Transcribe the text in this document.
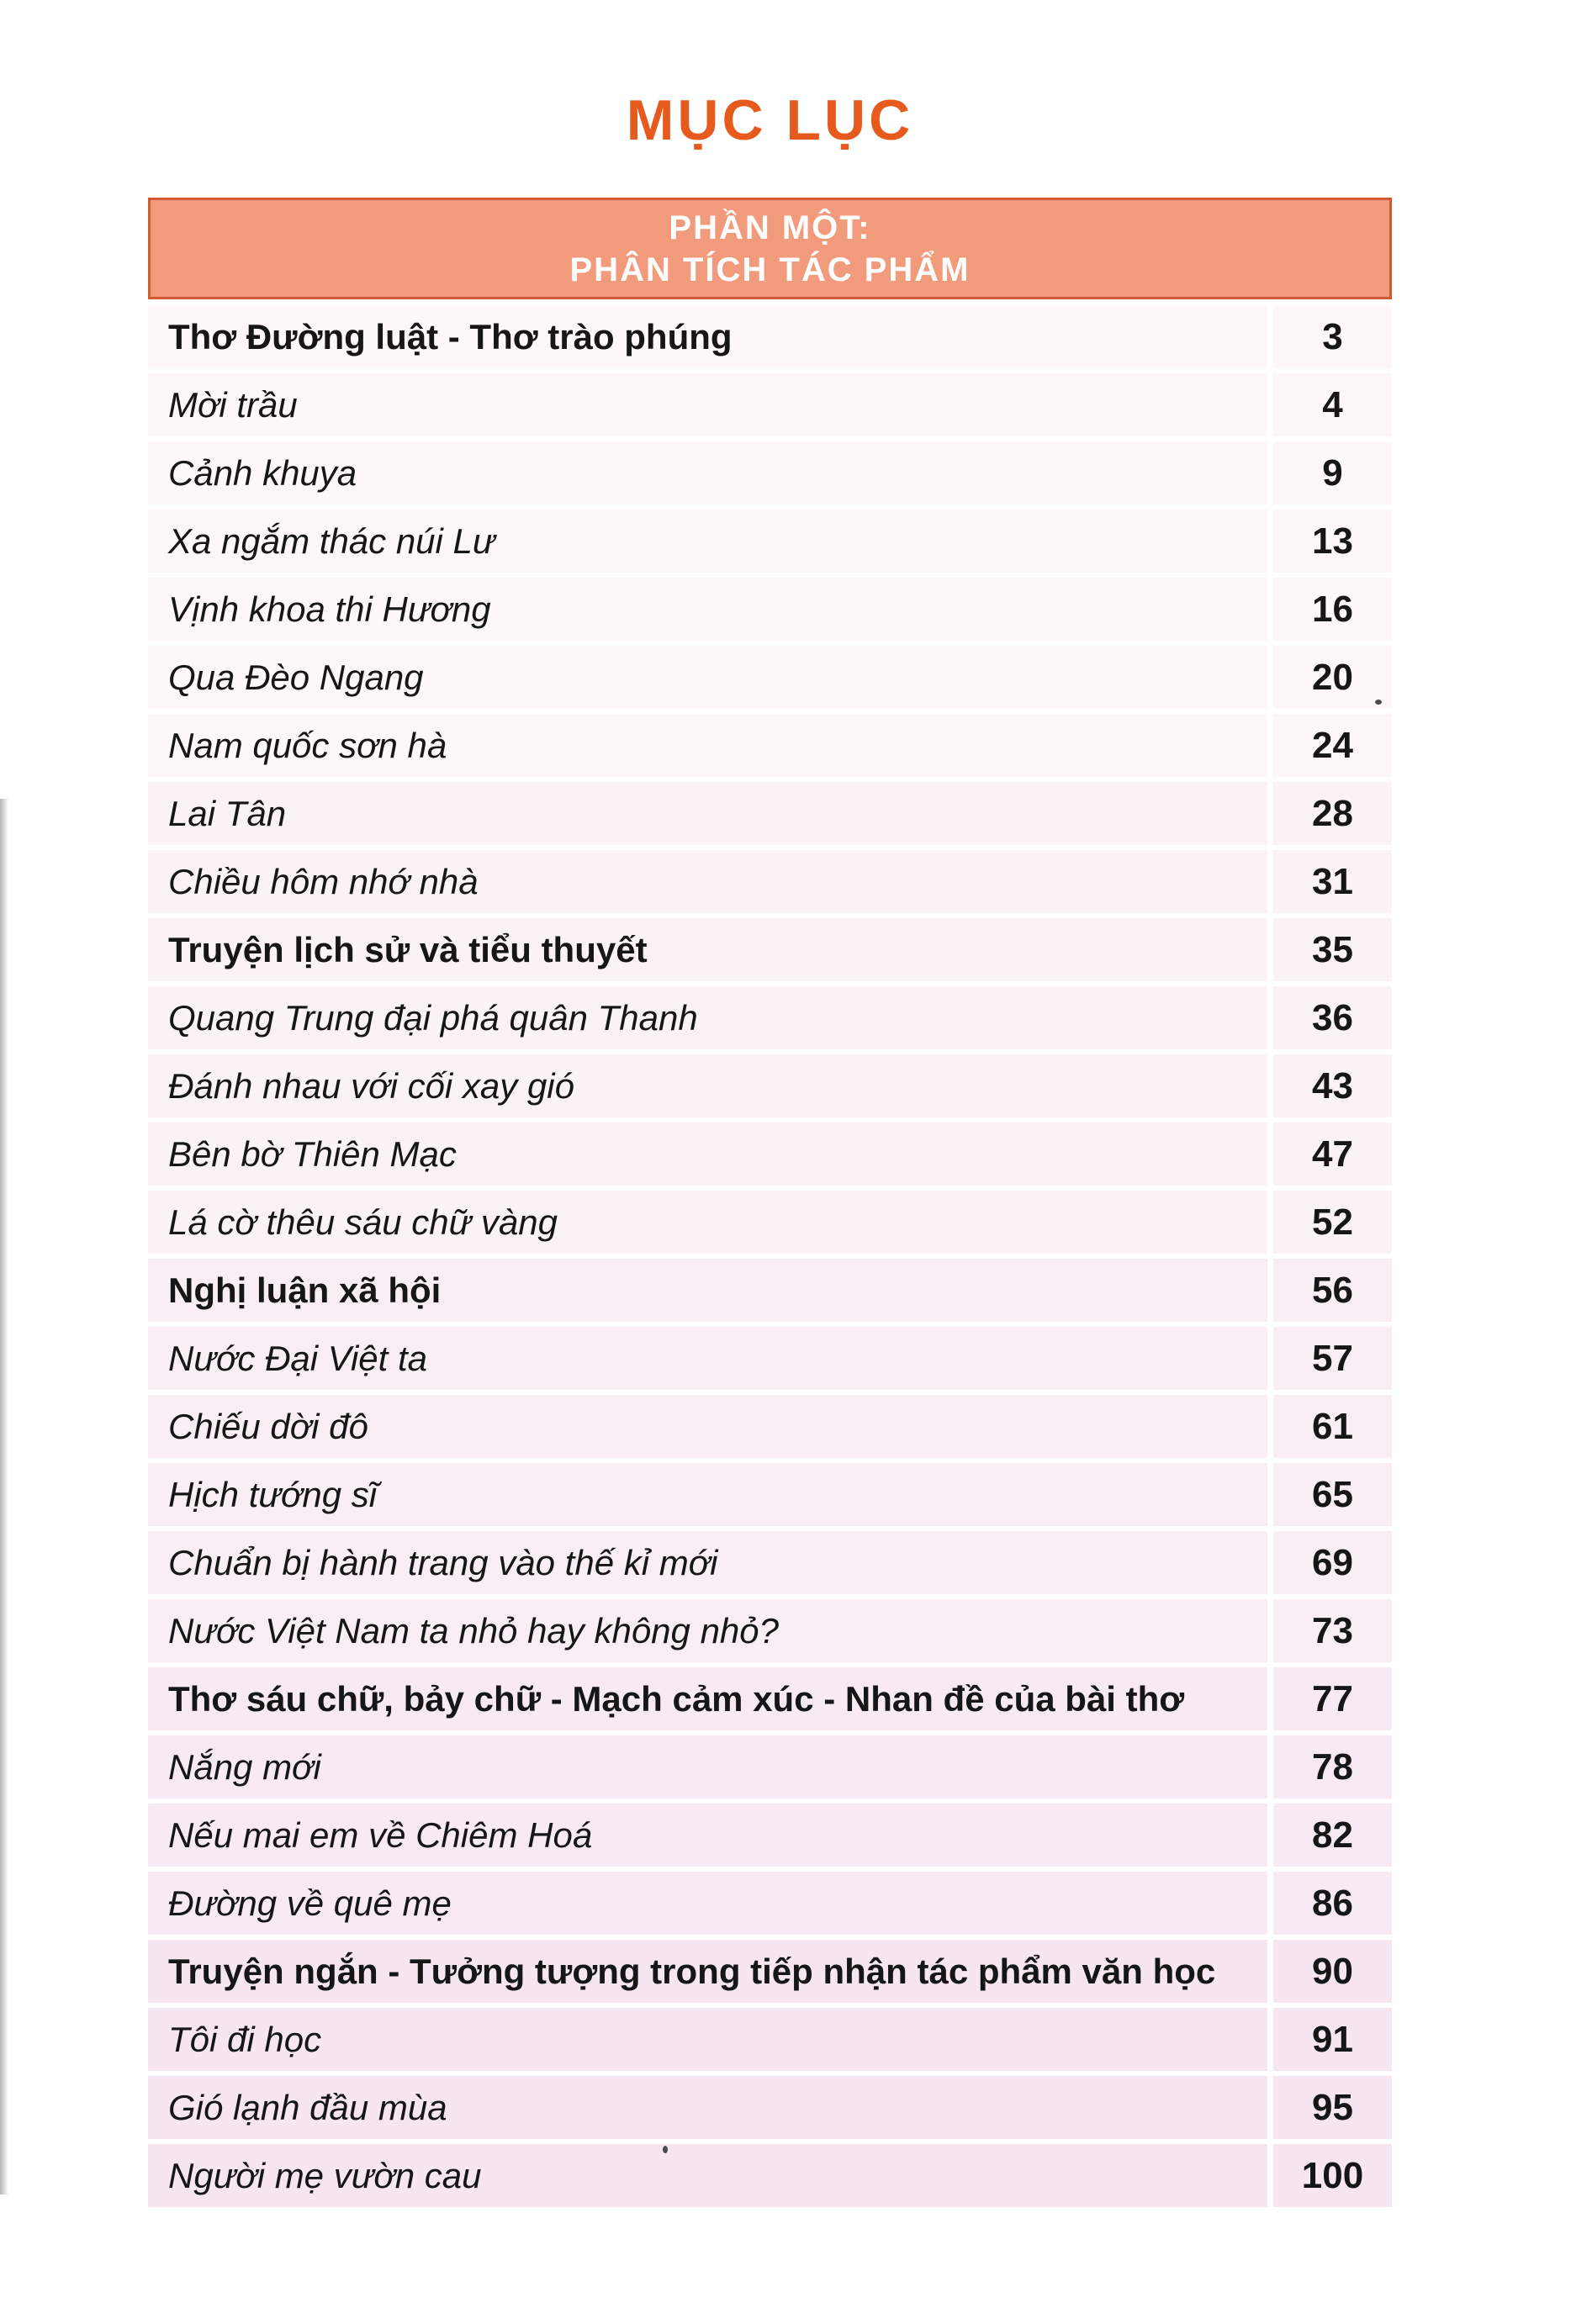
MỤC LỤC
PHẦN MỘT:
PHÂN TÍCH TÁC PHẨM
Thơ Đường luật - Thơ trào phúng	3
Mời trầu	4
Cảnh khuya	9
Xa ngắm thác núi Lư	13
Vịnh khoa thi Hương	16
Qua Đèo Ngang	20
Nam quốc sơn hà	24
Lai Tân	28
Chiều hôm nhớ nhà	31
Truyện lịch sử và tiểu thuyết	35
Quang Trung đại phá quân Thanh	36
Đánh nhau với cối xay gió	43
Bên bờ Thiên Mạc	47
Lá cờ thêu sáu chữ vàng	52
Nghị luận xã hội	56
Nước Đại Việt ta	57
Chiếu dời đô	61
Hịch tướng sĩ	65
Chuẩn bị hành trang vào thế kỉ mới	69
Nước Việt Nam ta nhỏ hay không nhỏ?	73
Thơ sáu chữ, bảy chữ - Mạch cảm xúc - Nhan đề của bài thơ	77
Nắng mới	78
Nếu mai em về Chiêm Hoá	82
Đường về quê mẹ	86
Truyện ngắn - Tưởng tượng trong tiếp nhận tác phẩm văn học	90
Tôi đi học	91
Gió lạnh đầu mùa	95
Người mẹ vườn cau	100
